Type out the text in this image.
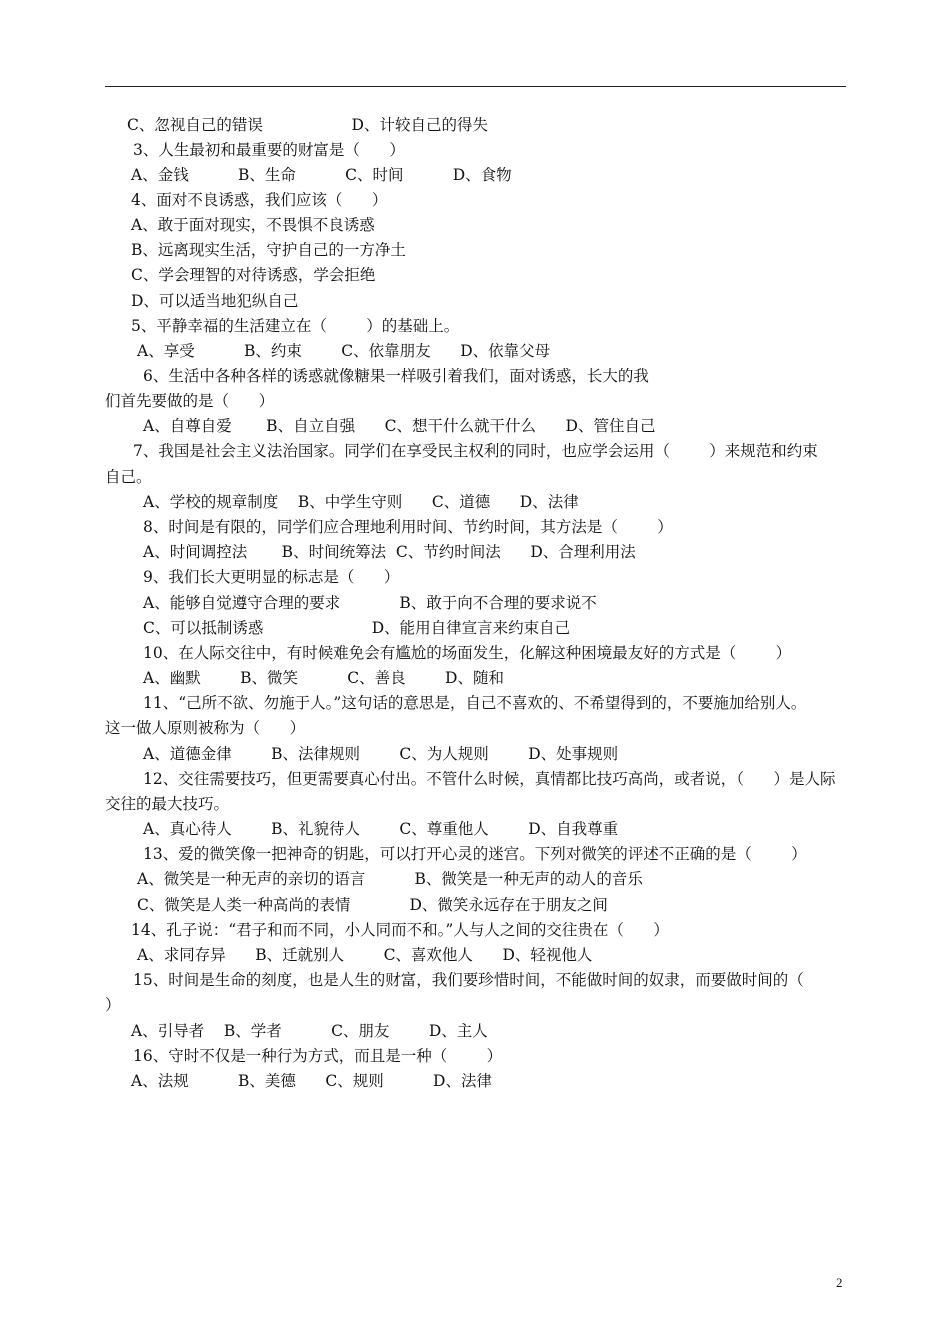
C、忽视自己的错误                  D、计较自己的得失
3、人生最初和最重要的财富是（      ）
A、金钱          B、生命          C、时间          D、食物
4、面对不良诱惑，我们应该（      ）
A、敢于面对现实，不畏惧不良诱惑
B、远离现实生活，守护自己的一方净土
C、学会理智的对待诱惑，学会拒绝
D、可以适当地犯纵自己
5、平静幸福的生活建立在（        ）的基础上。
A、享受          B、约束        C、依靠朋友      D、依靠父母
6、生活中各种各样的诱惑就像糖果一样吸引着我们，面对诱惑，长大的我
们首先要做的是（      ）
A、自尊自爱       B、自立自强      C、想干什么就干什么      D、管住自己
7、我国是社会主义法治国家。同学们在享受民主权利的同时，也应学会运用（        ）来规范和约束
自己。
A、学校的规章制度    B、中学生守则      C、道德      D、法律
8、时间是有限的，同学们应合理地利用时间、节约时间，其方法是（        ）
A、时间调控法       B、时间统筹法  C、节约时间法      D、合理利用法
9、我们长大更明显的标志是（      ）
A、能够自觉遵守合理的要求            B、敢于向不合理的要求说不
C、可以抵制诱惑                      D、能用自律宣言来约束自己
10、在人际交往中，有时候难免会有尴尬的场面发生，化解这种困境最友好的方式是（        ）
A、幽默        B、微笑          C、善良        D、随和
11、“己所不欲、勿施于人。”这句话的意思是，自己不喜欢的、不希望得到的，不要施加给别人。
这一做人原则被称为（      ）
A、道德金律        B、法律规则        C、为人规则        D、处事规则
12、交往需要技巧，但更需要真心付出。不管什么时候，真情都比技巧高尚，或者说，（      ）是人际
交往的最大技巧。
A、真心待人        B、礼貌待人        C、尊重他人        D、自我尊重
13、爱的微笑像一把神奇的钥匙，可以打开心灵的迷宫。下列对微笑的评述不正确的是（        ）
A、微笑是一种无声的亲切的语言          B、微笑是一种无声的动人的音乐
C、微笑是人类一种高尚的表情            D、微笑永远存在于朋友之间
14、孔子说：“君子和而不同，小人同而不和。”人与人之间的交往贵在（      ）
A、求同存异      B、迁就别人        C、喜欢他人      D、轻视他人
15、时间是生命的刻度，也是人生的财富，我们要珍惜时间，不能做时间的奴隶，而要做时间的（
）
A、引导者    B、学者          C、朋友        D、主人
16、守时不仅是一种行为方式，而且是一种（        ）
A、法规          B、美德      C、规则          D、法律
2
